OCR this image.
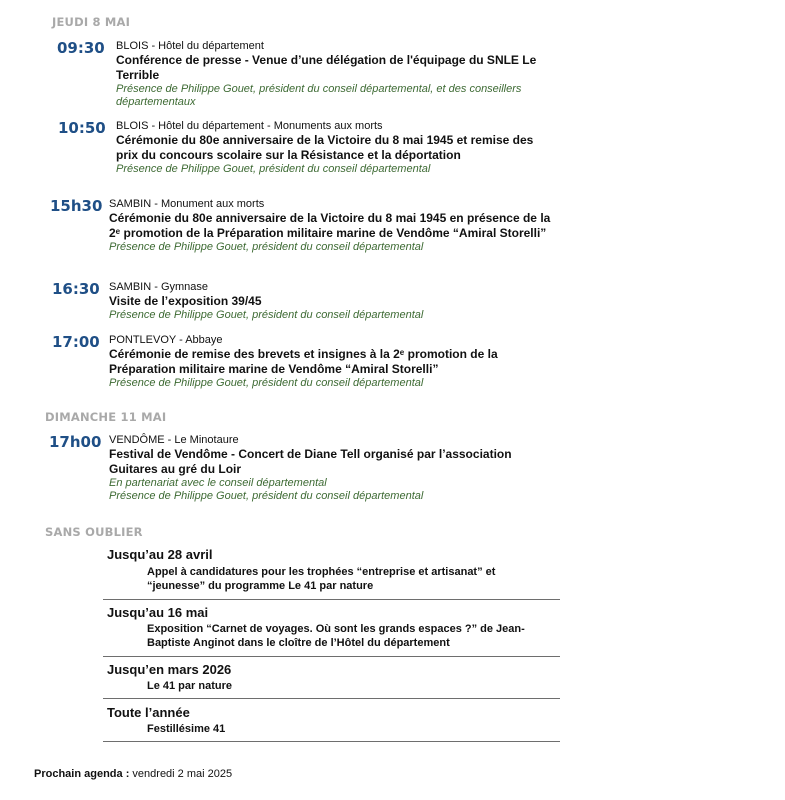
JEUDI 8 MAI
09:30 BLOIS - Hôtel du département
Conférence de presse - Venue d’une délégation de l'équipage du SNLE Le Terrible
Présence de Philippe Gouet, président du conseil départemental, et des conseillers départementaux
10:50 BLOIS - Hôtel du département - Monuments aux morts
Cérémonie du 80e anniversaire de la Victoire du 8 mai 1945 et remise des prix du concours scolaire sur la Résistance et la déportation
Présence de Philippe Gouet, président du conseil départemental
15h30 SAMBIN - Monument aux morts
Cérémonie du 80e anniversaire de la Victoire du 8 mai 1945 en présence de la 2ᵉ promotion de la Préparation militaire marine de Vendôme “Amiral Storelli”
Présence de Philippe Gouet, président du conseil départemental
16:30 SAMBIN - Gymnase
Visite de l’exposition 39/45
Présence de Philippe Gouet, président du conseil départemental
17:00 PONTLEVOY - Abbaye
Cérémonie de remise des brevets et insignes à la 2ᵉ promotion de la Préparation militaire marine de Vendôme “Amiral Storelli”
Présence de Philippe Gouet, président du conseil départemental
DIMANCHE 11 MAI
17h00 VENDÔME - Le Minotaure
Festival de Vendôme - Concert de Diane Tell organisé par l’association Guitares au gré du Loir
En partenariat avec le conseil départemental
Présence de Philippe Gouet, président du conseil départemental
SANS OUBLIER
Jusqu’au 28 avril
Appel à candidatures pour les trophées “entreprise et artisanat” et “jeunesse” du programme Le 41 par nature
Jusqu’au 16 mai
Exposition “Carnet de voyages. Où sont les grands espaces ?” de Jean-Baptiste Anginot dans le cloître de l’Hôtel du département
Jusqu’en mars 2026
Le 41 par nature
Toute l’année
Festillésime 41
Prochain agenda : vendredi 2 mai 2025
